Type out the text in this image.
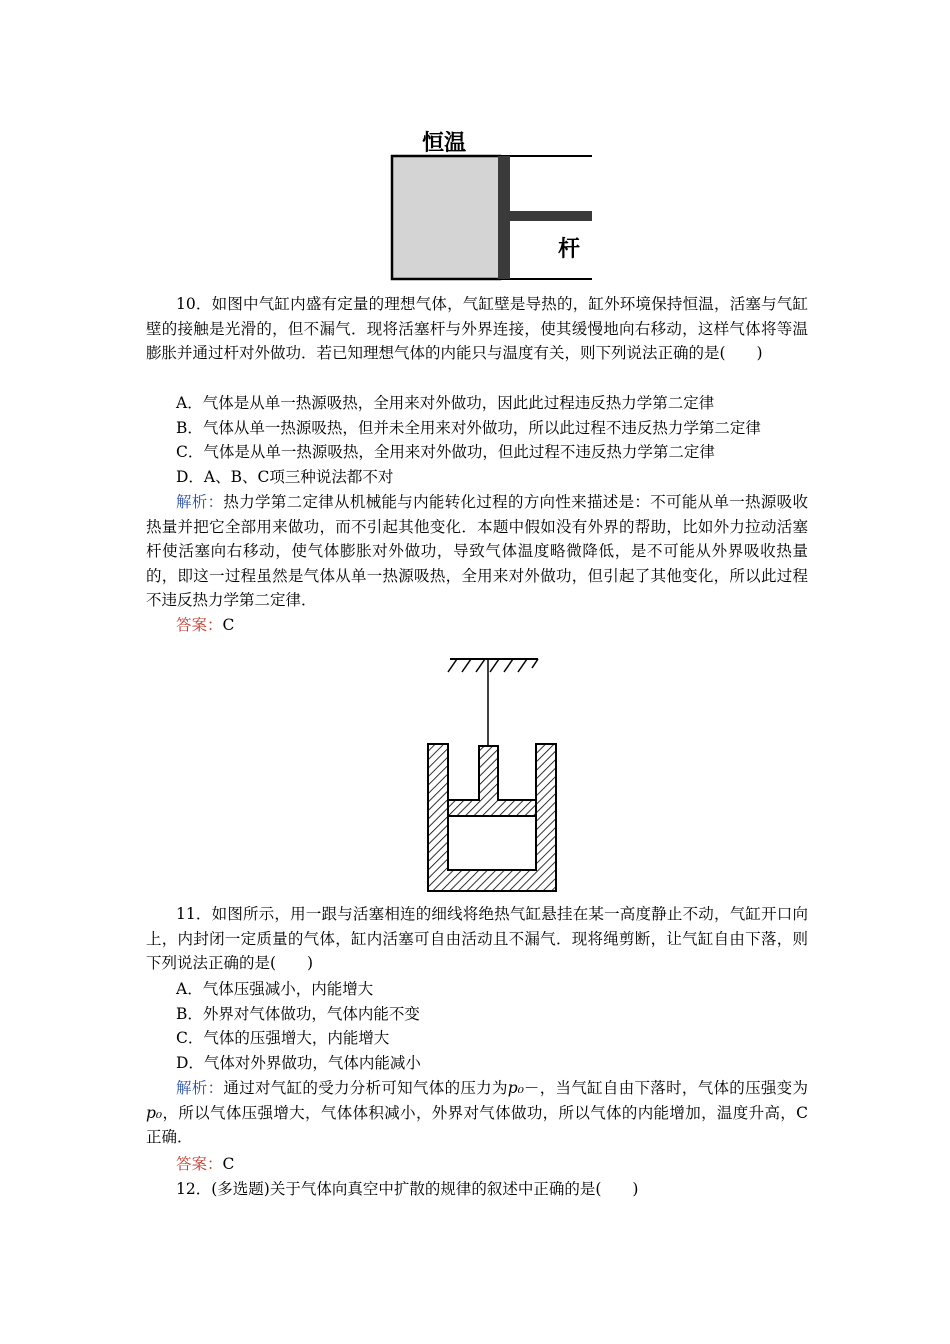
恒温
杆

10．如图中气缸内盛有定量的理想气体，气缸壁是导热的，缸外环境保持恒温，活塞与气缸壁的接触是光滑的，但不漏气．现将活塞杆与外界连接，使其缓慢地向右移动，这样气体将等温膨胀并通过杆对外做功．若已知理想气体的内能只与温度有关，则下列说法正确的是(　　)

A．气体是从单一热源吸热，全用来对外做功，因此此过程违反热力学第二定律
B．气体从单一热源吸热，但并未全用来对外做功，所以此过程不违反热力学第二定律
C．气体是从单一热源吸热，全用来对外做功，但此过程不违反热力学第二定律
D．A、B、C项三种说法都不对

解析：热力学第二定律从机械能与内能转化过程的方向性来描述是：不可能从单一热源吸收热量并把它全部用来做功，而不引起其他变化．本题中假如没有外界的帮助，比如外力拉动活塞杆使活塞向右移动，使气体膨胀对外做功，导致气体温度略微降低，是不可能从外界吸收热量的，即这一过程虽然是气体从单一热源吸热，全用来对外做功，但引起了其他变化，所以此过程不违反热力学第二定律．

答案：C

11．如图所示，用一跟与活塞相连的细线将绝热气缸悬挂在某一高度静止不动，气缸开口向上，内封闭一定质量的气体，缸内活塞可自由活动且不漏气．现将绳剪断，让气缸自由下落，则下列说法正确的是(　　)

A．气体压强减小，内能增大
B．外界对气体做功，气体内能不变
C．气体的压强增大，内能增大
D．气体对外界做功，气体内能减小

解析：通过对气缸的受力分析可知气体的压力为p₀－，当气缸自由下落时，气体的压强变为p₀，所以气体压强增大，气体体积减小，外界对气体做功，所以气体的内能增加，温度升高，C正确．

答案：C
12．(多选题)关于气体向真空中扩散的规律的叙述中正确的是(　　)
